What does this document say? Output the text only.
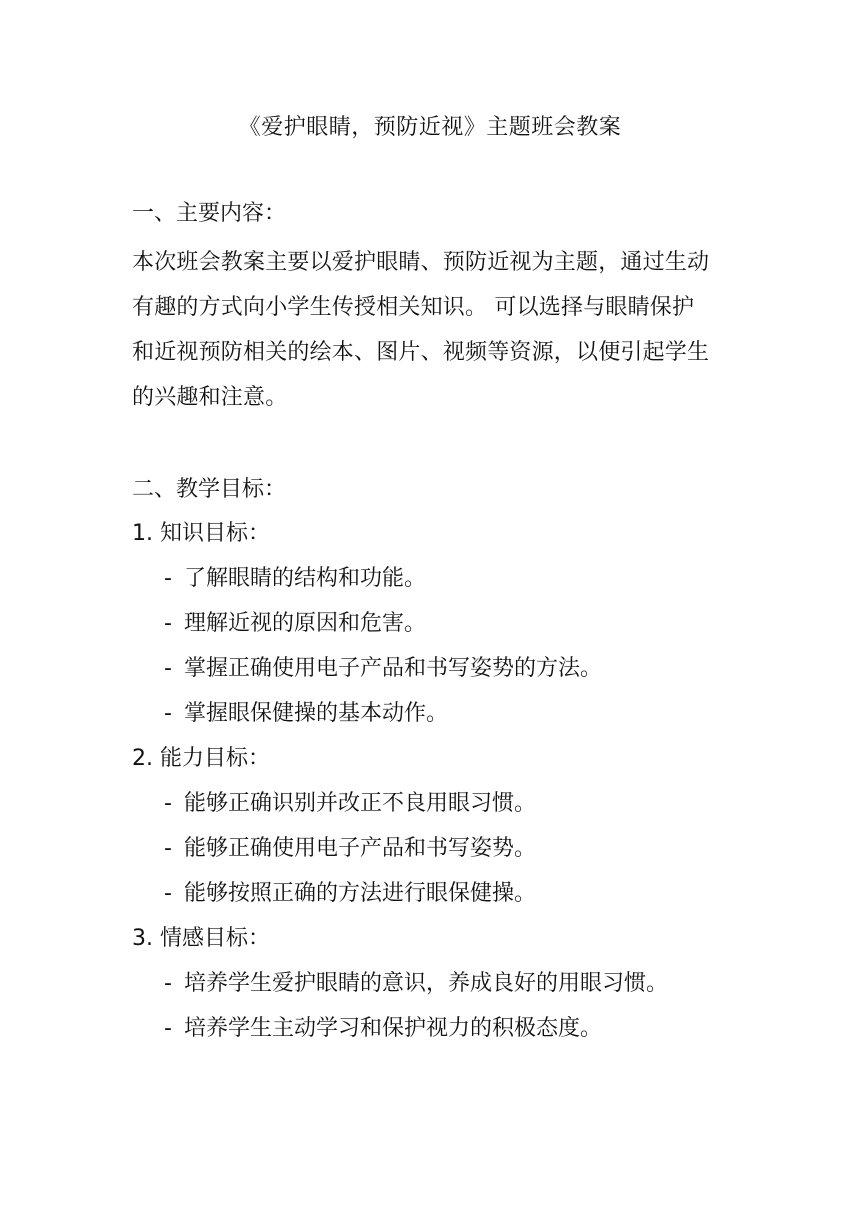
《爱护眼睛，预防近视》主题班会教案
一、主要内容：

本次班会教案主要以爱护眼睛、预防近视为主题，通过生动

有趣的方式向小学生传授相关知识。 可以选择与眼睛保护

和近视预防相关的绘本、图片、视频等资源，以便引起学生

的兴趣和注意。

二、教学目标：
1. 知识目标：
- 了解眼睛的结构和功能。
- 理解近视的原因和危害。
- 掌握正确使用电子产品和书写姿势的方法。
- 掌握眼保健操的基本动作。
2. 能力目标：
- 能够正确识别并改正不良用眼习惯。
- 能够正确使用电子产品和书写姿势。
- 能够按照正确的方法进行眼保健操。
3. 情感目标：
- 培养学生爱护眼睛的意识，养成良好的用眼习惯。
- 培养学生主动学习和保护视力的积极态度。
